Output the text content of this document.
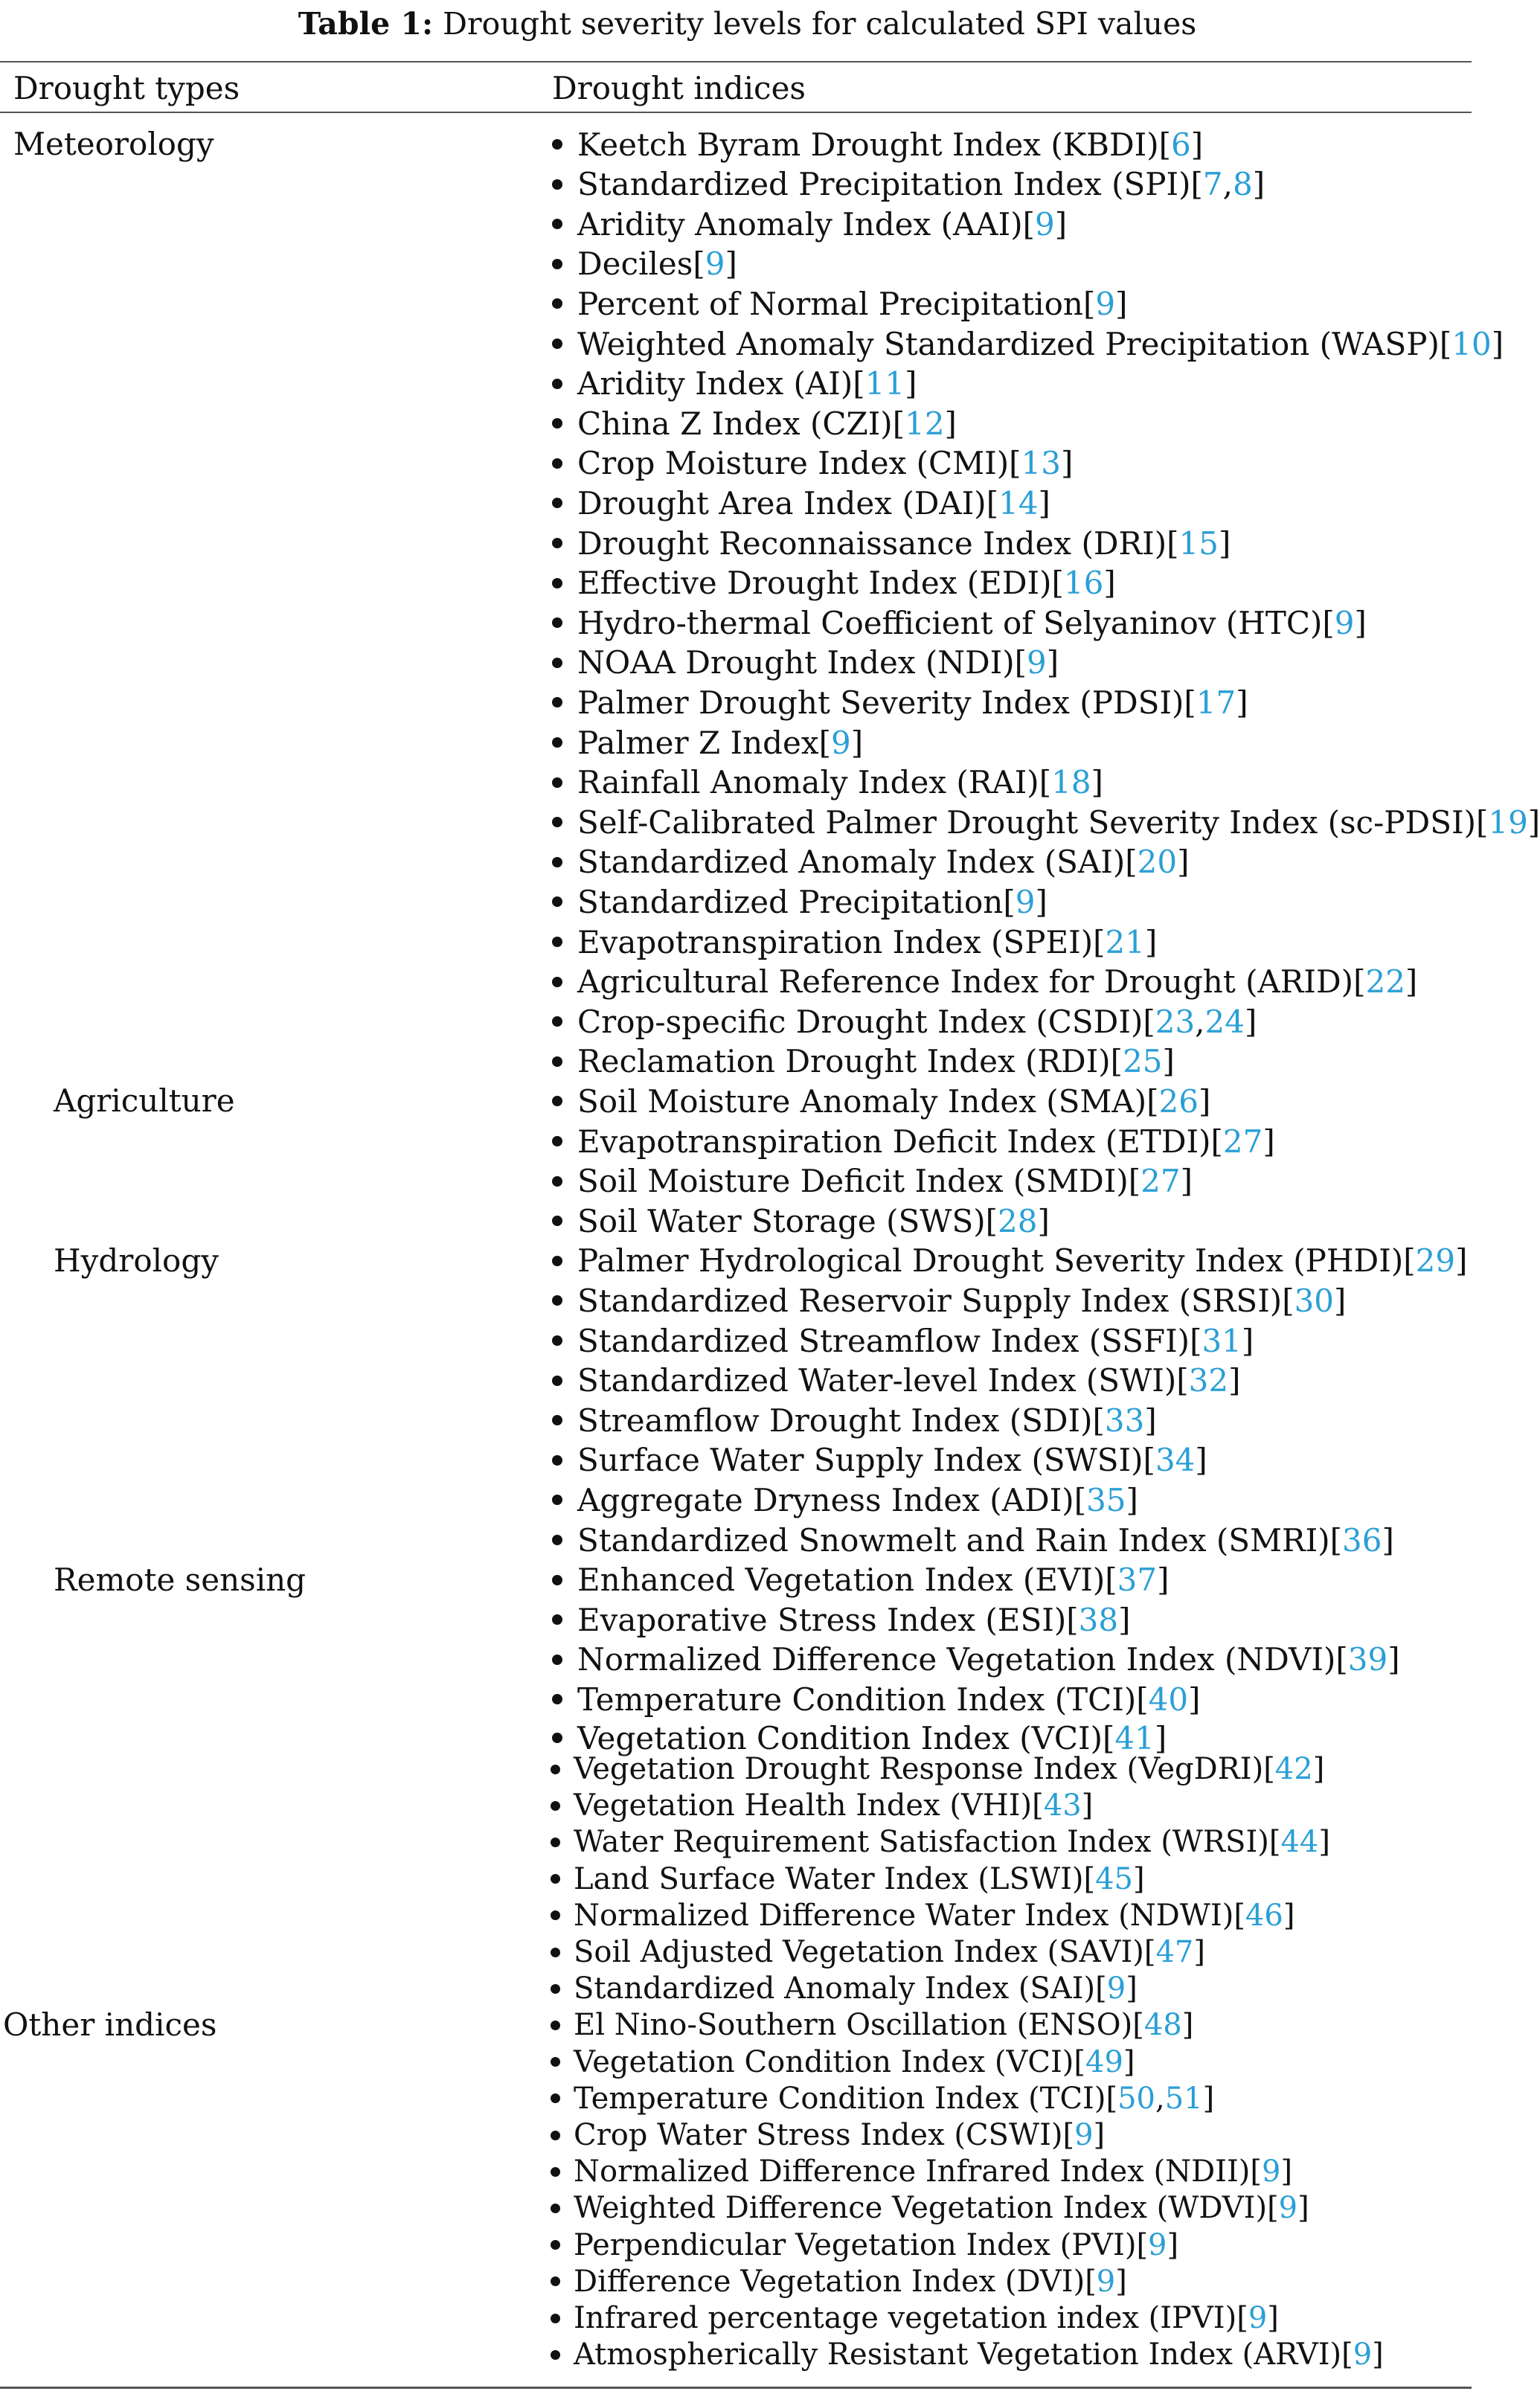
Table 1: Drought severity levels for calculated SPI values
Drought types	Drought indices
Keetch Byram Drought Index (KBDI) [ 6 ]
Standardized Precipitation Index (SPI) [ 7 , 8 ]
Aridity Anomaly Index (AAI) [ 9 ]
Deciles [ 9 ]
Percent of Normal Precipitation [ 9 ]
Weighted Anomaly Standardized Precipitation (WASP) [ 10 ]
Aridity Index (AI) [ 11 ]
China Z Index (CZI) [ 12 ]
Crop Moisture Index (CMI) [ 13 ]
Drought Area Index (DAI) [ 14 ]
Drought Reconnaissance Index (DRI) [ 15 ]
Effective Drought Index (EDI) [ 16 ]
Hydro-thermal Coefficient of Selyaninov (HTC) [ 9 ]
NOAA Drought Index (NDI) [ 9 ]
Palmer Drought Severity Index (PDSI) [ 17 ]
Palmer Z Index [ 9 ]
Rainfall Anomaly Index (RAI) [ 18 ]
Self-Calibrated Palmer Drought Severity Index (sc-PDSI) [ 19 ]
Standardized Anomaly Index (SAI) [ 20 ]
Standardized Precipitation [ 9 ]
Evapotranspiration Index (SPEI) [ 21 ]
Agricultural Reference Index for Drought (ARID) [ 22 ]
Crop-specific Drought Index (CSDI) [ 23 , 24 ]
Reclamation Drought Index (RDI) [ 25 ]
Soil Moisture Anomaly Index (SMA) [ 26 ]
Evapotranspiration Deficit Index (ETDI) [ 27 ]
Soil Moisture Deficit Index (SMDI) [ 27 ]
Soil Water Storage (SWS) [ 28 ]
Palmer Hydrological Drought Severity Index (PHDI) [ 29 ]
Standardized Reservoir Supply Index (SRSI) [ 30 ]
Standardized Streamflow Index (SSFI) [ 31 ]
Standardized Water-level Index (SWI) [ 32 ]
Streamflow Drought Index (SDI) [ 33 ]
Surface Water Supply Index (SWSI) [ 34 ]
Aggregate Dryness Index (ADI) [ 35 ]
Standardized Snowmelt and Rain Index (SMRI) [ 36 ]
Enhanced Vegetation Index (EVI) [ 37 ]
Evaporative Stress Index (ESI) [ 38 ]
Normalized Difference Vegetation Index (NDVI) [ 39 ]
Temperature Condition Index (TCI) [ 40 ]
Vegetation Condition Index (VCI) [ 41 ]
Vegetation Drought Response Index (VegDRI) [ 42 ]
Vegetation Health Index (VHI) [ 43 ]
Water Requirement Satisfaction Index (WRSI) [ 44 ]
Land Surface Water Index (LSWI) [ 45 ]
Normalized Difference Water Index (NDWI) [ 46 ]
Soil Adjusted Vegetation Index (SAVI) [ 47 ]
Standardized Anomaly Index (SAI) [ 9 ]
El Nino-Southern Oscillation (ENSO) [ 48 ]
Vegetation Condition Index (VCI) [ 49 ]
Temperature Condition Index (TCI) [ 50 , 51 ]
Crop Water Stress Index (CSWI) [ 9 ]
Normalized Difference Infrared Index (NDII) [ 9 ]
Weighted Difference Vegetation Index (WDVI) [ 9 ]
Perpendicular Vegetation Index (PVI) [ 9 ]
Difference Vegetation Index (DVI) [ 9 ]
Infrared percentage vegetation index (IPVI) [ 9 ]
Atmospherically Resistant Vegetation Index (ARVI) [ 9 ]
Meteorology
Agriculture
Hydrology
Remote sensing
Other indices
